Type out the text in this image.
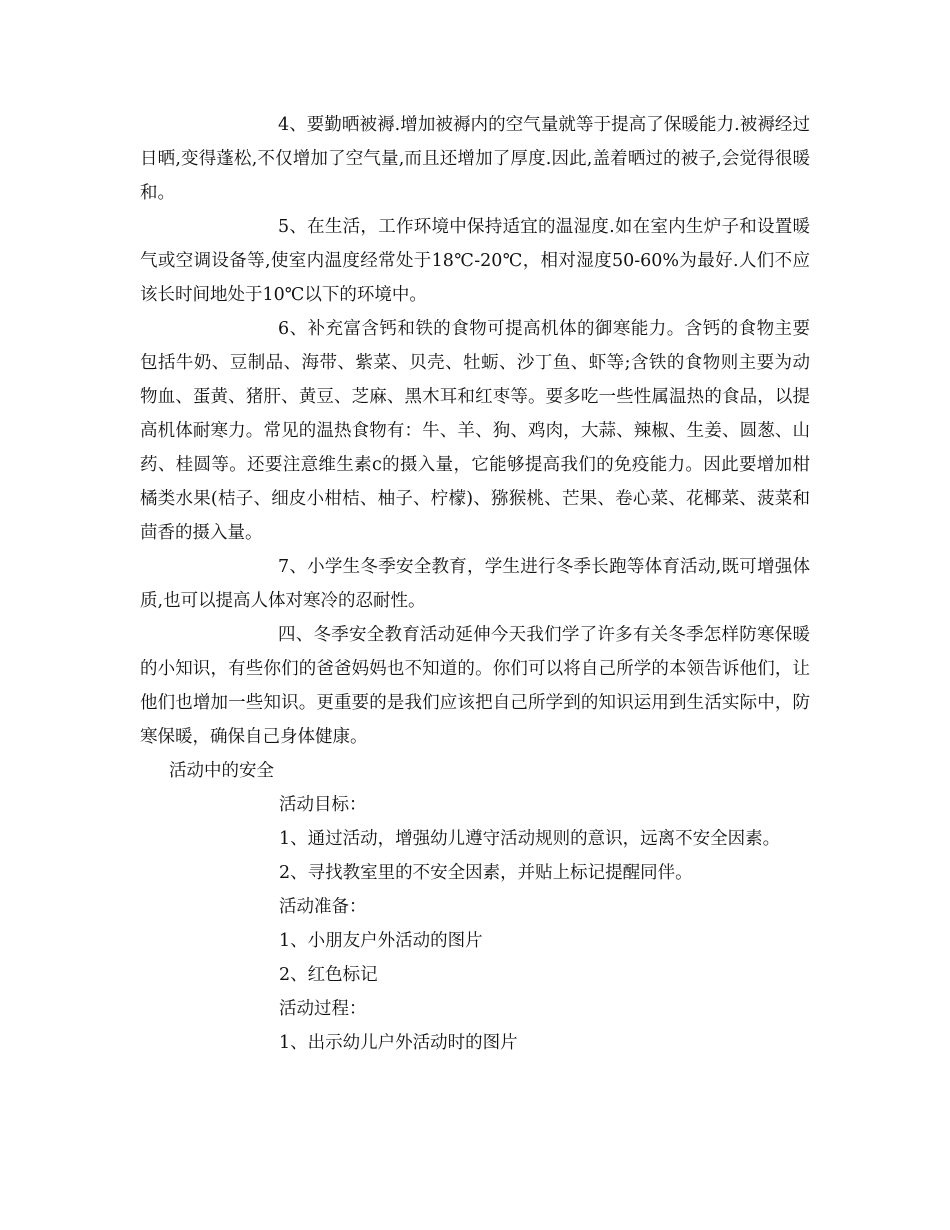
4、要勤晒被褥.增加被褥内的空气量就等于提高了保暖能力.被褥经过日晒,变得蓬松,不仅增加了空气量,而且还增加了厚度.因此,盖着晒过的被子,会觉得很暖和。

5、在生活，工作环境中保持适宜的温湿度.如在室内生炉子和设置暖气或空调设备等,使室内温度经常处于18℃-20℃，相对湿度50-60%为最好.人们不应该长时间地处于10℃以下的环境中。

6、补充富含钙和铁的食物可提高机体的御寒能力。含钙的食物主要包括牛奶、豆制品、海带、紫菜、贝壳、牡蛎、沙丁鱼、虾等;含铁的食物则主要为动物血、蛋黄、猪肝、黄豆、芝麻、黑木耳和红枣等。要多吃一些性属温热的食品，以提高机体耐寒力。常见的温热食物有：牛、羊、狗、鸡肉，大蒜、辣椒、生姜、圆葱、山药、桂圆等。还要注意维生素c的摄入量，它能够提高我们的免疫能力。因此要增加柑橘类水果(桔子、细皮小柑桔、柚子、柠檬)、猕猴桃、芒果、卷心菜、花椰菜、菠菜和茴香的摄入量。

7、小学生冬季安全教育，学生进行冬季长跑等体育活动,既可增强体质,也可以提高人体对寒冷的忍耐性。

四、冬季安全教育活动延伸今天我们学了许多有关冬季怎样防寒保暖的小知识，有些你们的爸爸妈妈也不知道的。你们可以将自己所学的本领告诉他们，让他们也增加一些知识。更重要的是我们应该把自己所学到的知识运用到生活实际中，防寒保暖，确保自己身体健康。

活动中的安全

活动目标：

1、通过活动，增强幼儿遵守活动规则的意识，远离不安全因素。

2、寻找教室里的不安全因素，并贴上标记提醒同伴。

活动准备：

1、小朋友户外活动的图片

2、红色标记

活动过程：

1、出示幼儿户外活动时的图片
